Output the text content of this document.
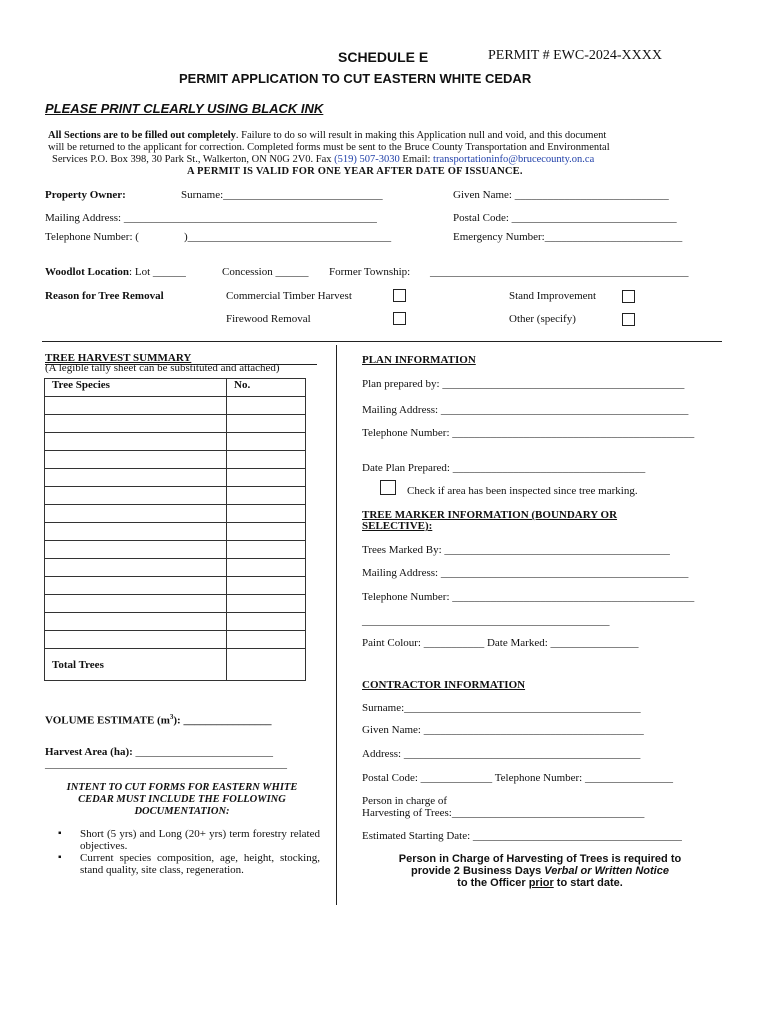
SCHEDULE E	PERMIT # EWC-2024-XXXX
PERMIT APPLICATION TO CUT EASTERN WHITE CEDAR
PLEASE PRINT CLEARLY USING BLACK INK
All Sections are to be filled out completely. Failure to do so will result in making this Application null and void, and this document
will be returned to the applicant for correction. Completed forms must be sent to the Bruce County Transportation and Environmental
Services P.O. Box 398, 30 Park St., Walkerton, ON N0G 2V0. Fax (519) 507-3030 Email: transportationinfo@brucecounty.on.ca
A PERMIT IS VALID FOR ONE YEAR AFTER DATE OF ISSUANCE.
Property Owner:	Surname:_____________________________	Given Name: ____________________________
Mailing Address: ______________________________________________	Postal Code: ______________________________
Telephone Number: (	)_____________________________________	Emergency Number:_________________________
Woodlot Location: Lot ______	Concession ______ Former Township: _______________________________________________
Reason for Tree Removal	Commercial Timber Harvest	Stand Improvement
Firewood Removal	Other (specify)
TREE HARVEST SUMMARY
(A legible tally sheet can be substituted and attached)
Tree Species	No.

Total Trees	
VOLUME ESTIMATE $(m^3)$: ________________
Harvest Area (ha): _________________________
____________________________________________
INTENT TO CUT FORMS FOR EASTERN WHITE
CEDAR MUST INCLUDE THE FOLLOWING
DOCUMENTATION:
▪ Short (5 yrs) and Long (20+ yrs) term forestry related objectives.
▪ Current species composition, age, height, stocking, stand quality, site class, regeneration.
PLAN INFORMATION
Plan prepared by: ____________________________________________
Mailing Address: _____________________________________________
Telephone Number: ____________________________________________
Date Plan Prepared: ___________________________________
Check if area has been inspected since tree marking.
TREE MARKER INFORMATION (BOUNDARY OR
SELECTIVE):
Trees Marked By: _________________________________________
Mailing Address: _____________________________________________
Telephone Number: ____________________________________________
_____________________________________________
Paint Colour: ___________ Date Marked: ________________
CONTRACTOR INFORMATION
Surname:___________________________________________
Given Name: ________________________________________
Address: ___________________________________________
Postal Code: _____________ Telephone Number: ________________
Person in charge of
Harvesting of Trees:___________________________________
Estimated Starting Date: ______________________________________
Person in Charge of Harvesting of Trees is required to
provide 2 Business Days Verbal or Written Notice
to the Officer prior to start date.
